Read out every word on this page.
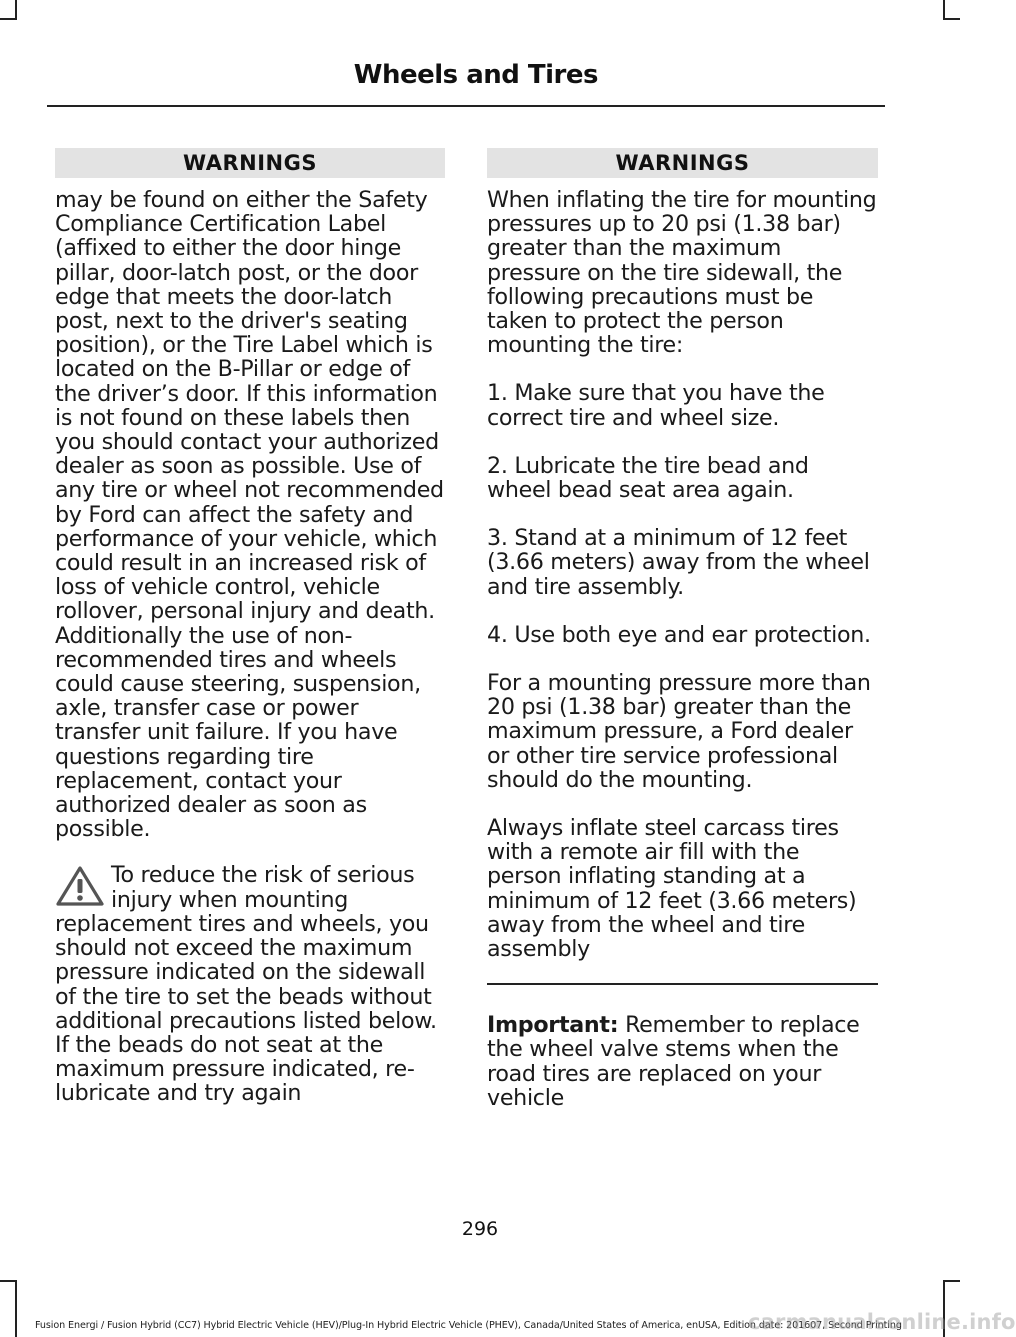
Wheels and Tires
WARNINGS

may be found on either the Safety Compliance Certification Label (affixed to either the door hinge pillar, door-latch post, or the door edge that meets the door-latch post, next to the driver's seating position), or the Tire Label which is located on the B-Pillar or edge of the driver’s door. If this information is not found on these labels then you should contact your authorized dealer as soon as possible. Use of any tire or wheel not recommended by Ford can affect the safety and performance of your vehicle, which could result in an increased risk of loss of vehicle control, vehicle rollover, personal injury and death. Additionally the use of non-recommended tires and wheels could cause steering, suspension, axle, transfer case or power transfer unit failure. If you have questions regarding tire replacement, contact your authorized dealer as soon as possible.

To reduce the risk of serious injury when mounting replacement tires and wheels, you should not exceed the maximum pressure indicated on the sidewall of the tire to set the beads without additional precautions listed below. If the beads do not seat at the maximum pressure indicated, re-lubricate and try again

WARNINGS

When inflating the tire for mounting pressures up to 20 psi (1.38 bar) greater than the maximum pressure on the tire sidewall, the following precautions must be taken to protect the person mounting the tire:

1. Make sure that you have the correct tire and wheel size.

2. Lubricate the tire bead and wheel bead seat area again.

3. Stand at a minimum of 12 feet (3.66 meters) away from the wheel and tire assembly.

4. Use both eye and ear protection.

For a mounting pressure more than 20 psi (1.38 bar) greater than the maximum pressure, a Ford dealer or other tire service professional should do the mounting.

Always inflate steel carcass tires with a remote air fill with the person inflating standing at a minimum of 12 feet (3.66 meters) away from the wheel and tire assembly

Important: Remember to replace the wheel valve stems when the road tires are replaced on your vehicle

296
Fusion Energi / Fusion Hybrid (CC7) Hybrid Electric Vehicle (HEV)/Plug-In Hybrid Electric Vehicle (PHEV), Canada/United States of America, enUSA, Edition date: 201607, Second Printing
carmanualsonline.info
